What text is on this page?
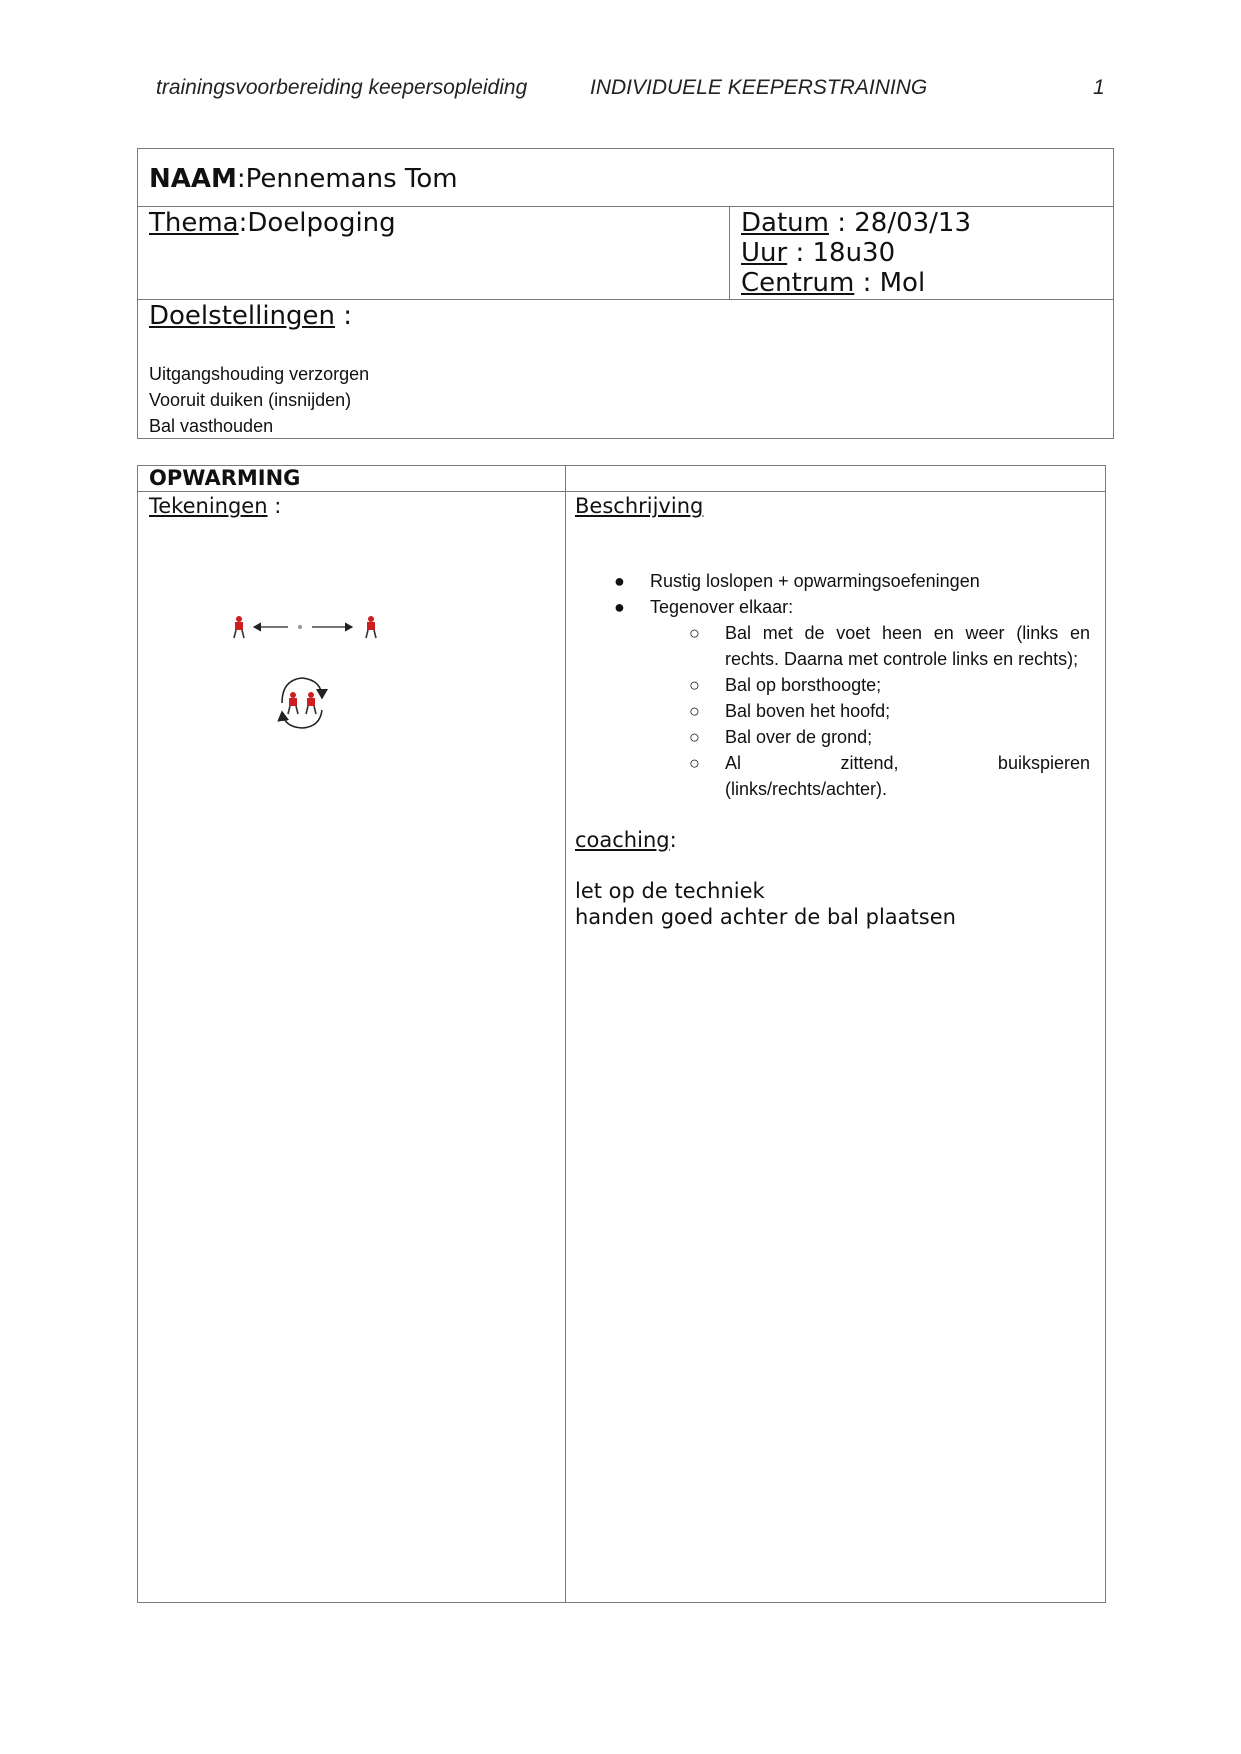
trainingsvoorbereiding keepersopleiding	INDIVIDUELE KEEPERSTRAINING	1
NAAM:Pennemans Tom
Thema:Doelpoging	Datum : 28/03/13
Uur : 18u30
Centrum : Mol
Doelstellingen :
Uitgangshouding verzorgen
Vooruit duiken (insnijden)
Bal vasthouden
OPWARMING
Tekeningen :	Beschrijving
● Rustig loslopen + opwarmingsoefeningen
● Tegenover elkaar:
○ Bal met de voet heen en weer (links en rechts. Daarna met controle links en rechts);
○ Bal op borsthoogte;
○ Bal boven het hoofd;
○ Bal over de grond;
○ Al zittend, buikspieren
(links/rechts/achter).
coaching:
let op de techniek
handen goed achter de bal plaatsen
